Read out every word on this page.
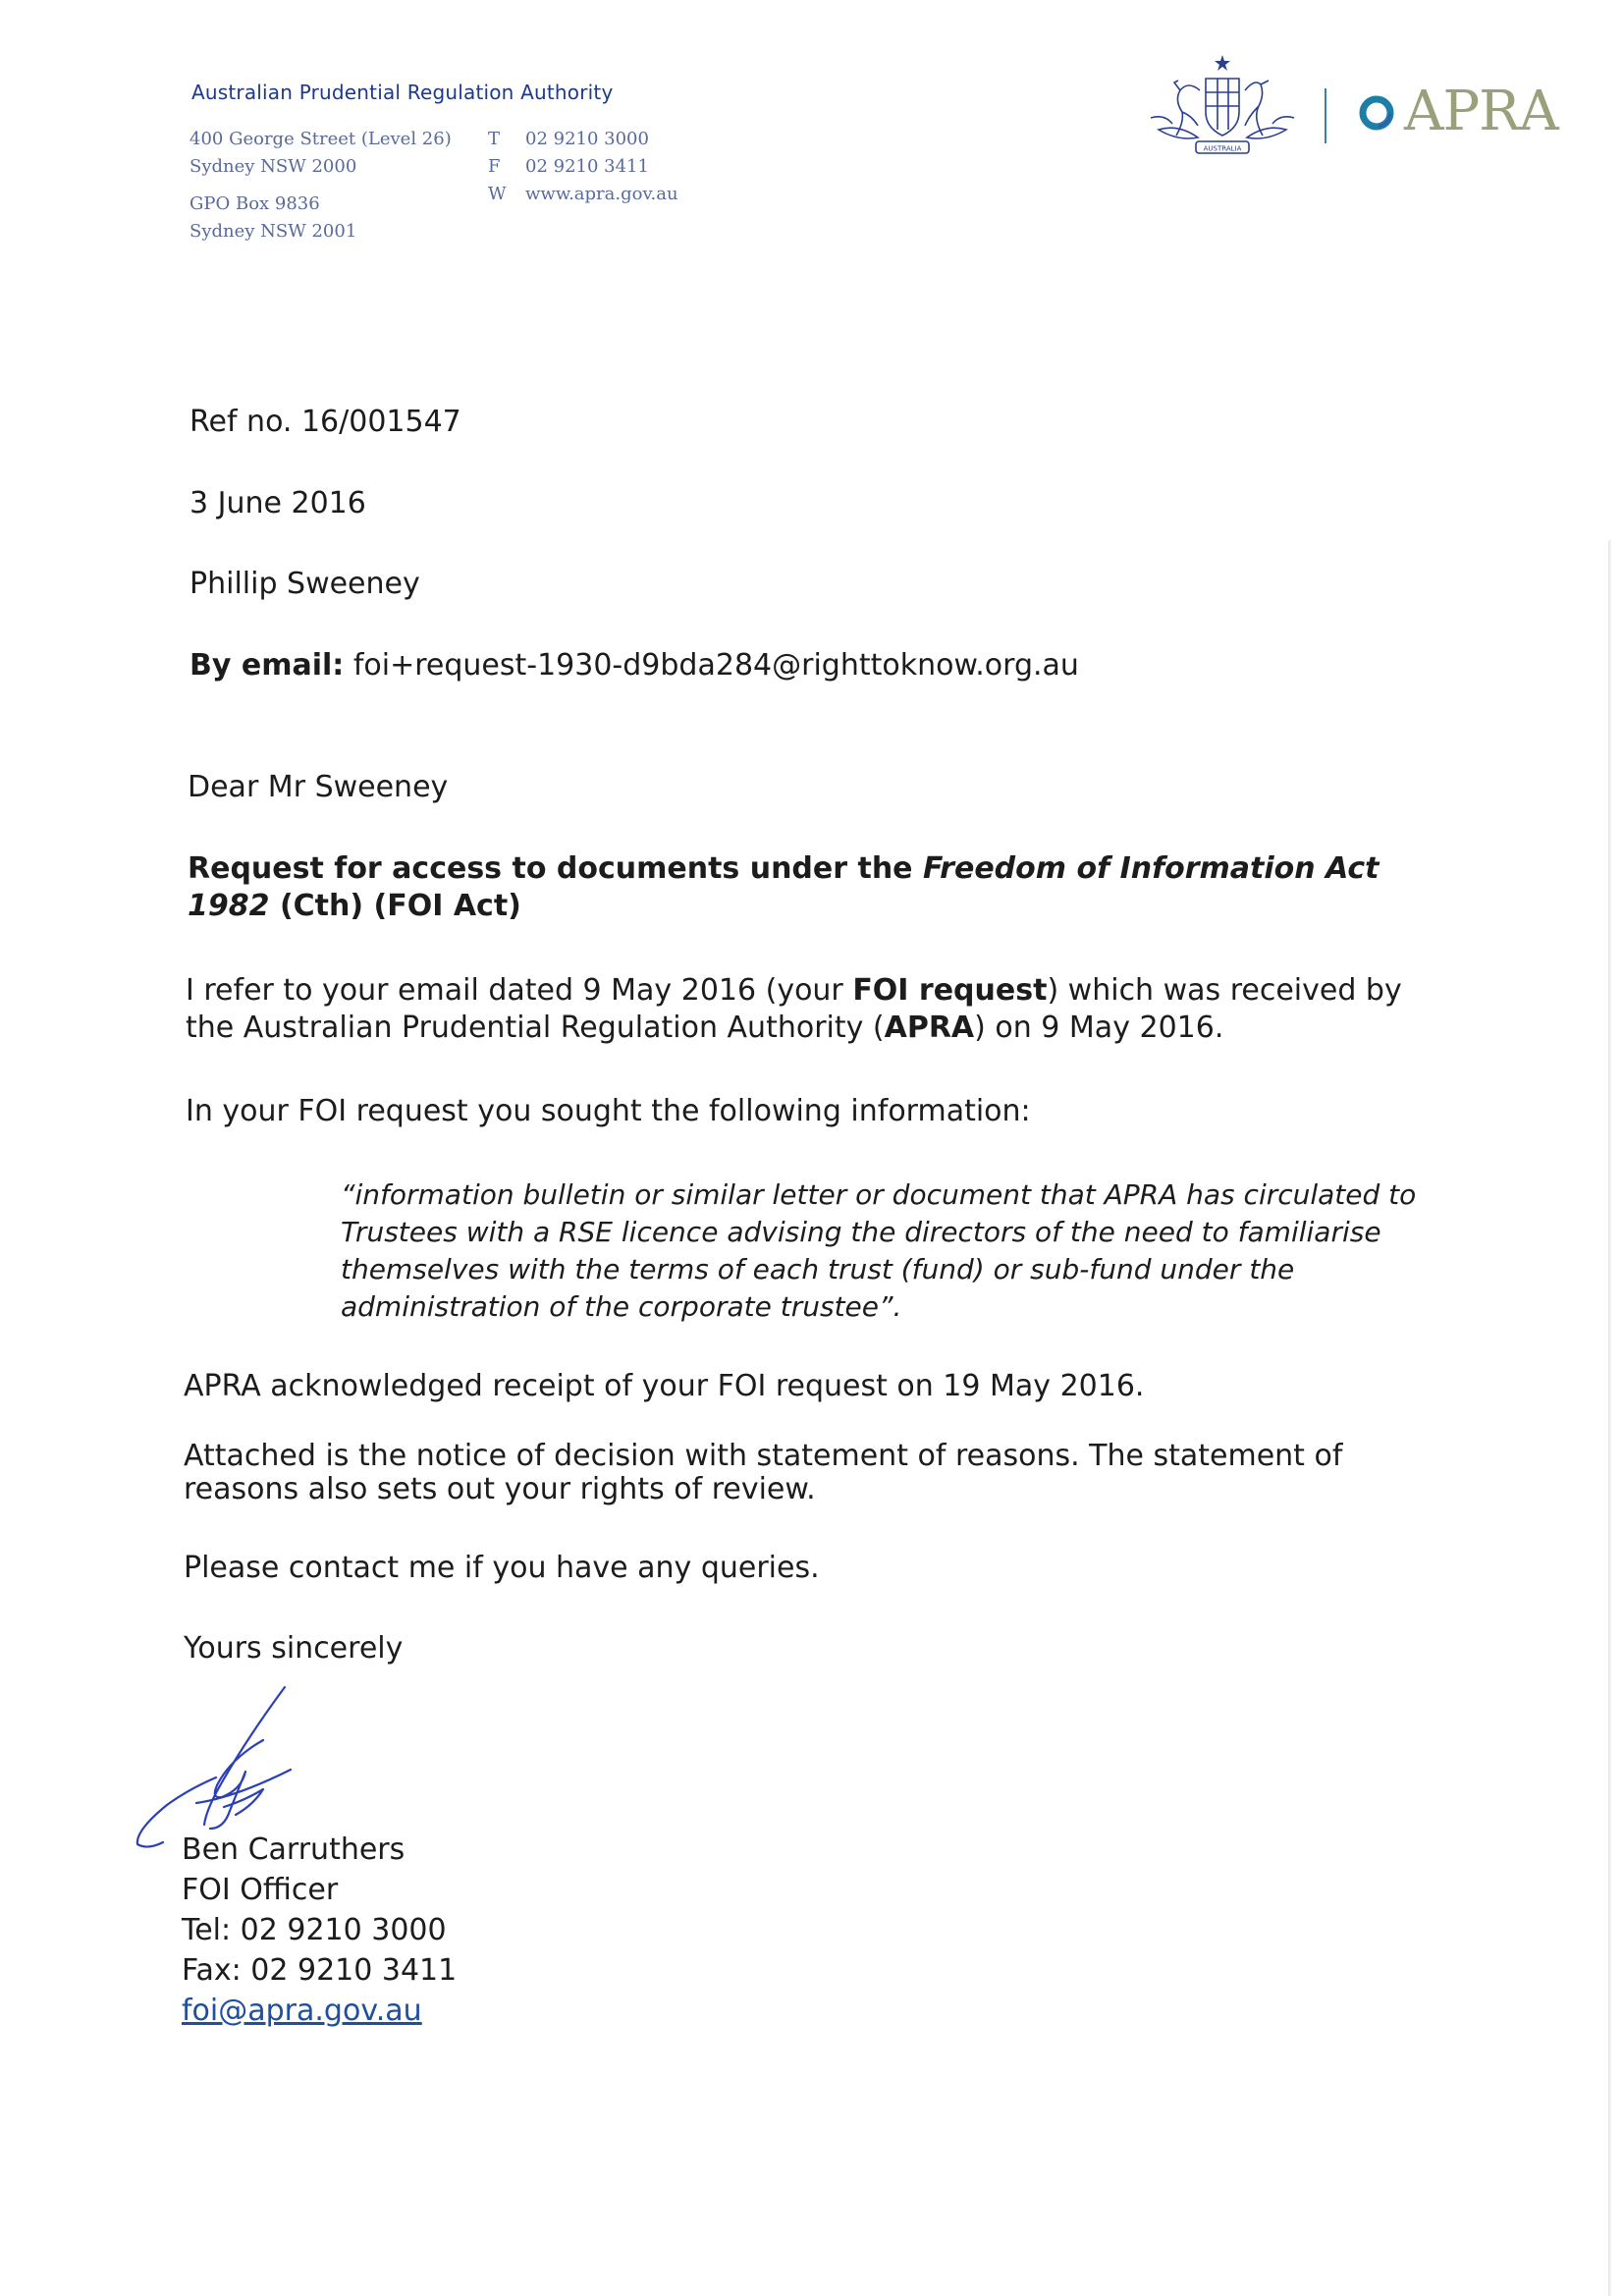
Australian Prudential Regulation Authority
400 George Street (Level 26)
Sydney NSW 2000
GPO Box 9836
Sydney NSW 2001
T	02 9210 3000
F	02 9210 3411
W	www.apra.gov.au
AUSTRALIA
APRA
Ref no. 16/001547
3 June 2016
Phillip Sweeney
By email: foi+request-1930-d9bda284@righttoknow.org.au
Dear Mr Sweeney
Request for access to documents under the Freedom of Information Act 1982 (Cth) (FOI Act)
I refer to your email dated 9 May 2016 (your FOI request) which was received by the Australian Prudential Regulation Authority (APRA) on 9 May 2016.
In your FOI request you sought the following information:
“information bulletin or similar letter or document that APRA has circulated to Trustees with a RSE licence advising the directors of the need to familiarise themselves with the terms of each trust (fund) or sub-fund under the administration of the corporate trustee”.
APRA acknowledged receipt of your FOI request on 19 May 2016.
Attached is the notice of decision with statement of reasons. The statement of reasons also sets out your rights of review.
Please contact me if you have any queries.
Yours sincerely
Ben Carruthers
FOI Officer
Tel: 02 9210 3000
Fax: 02 9210 3411
foi@apra.gov.au
